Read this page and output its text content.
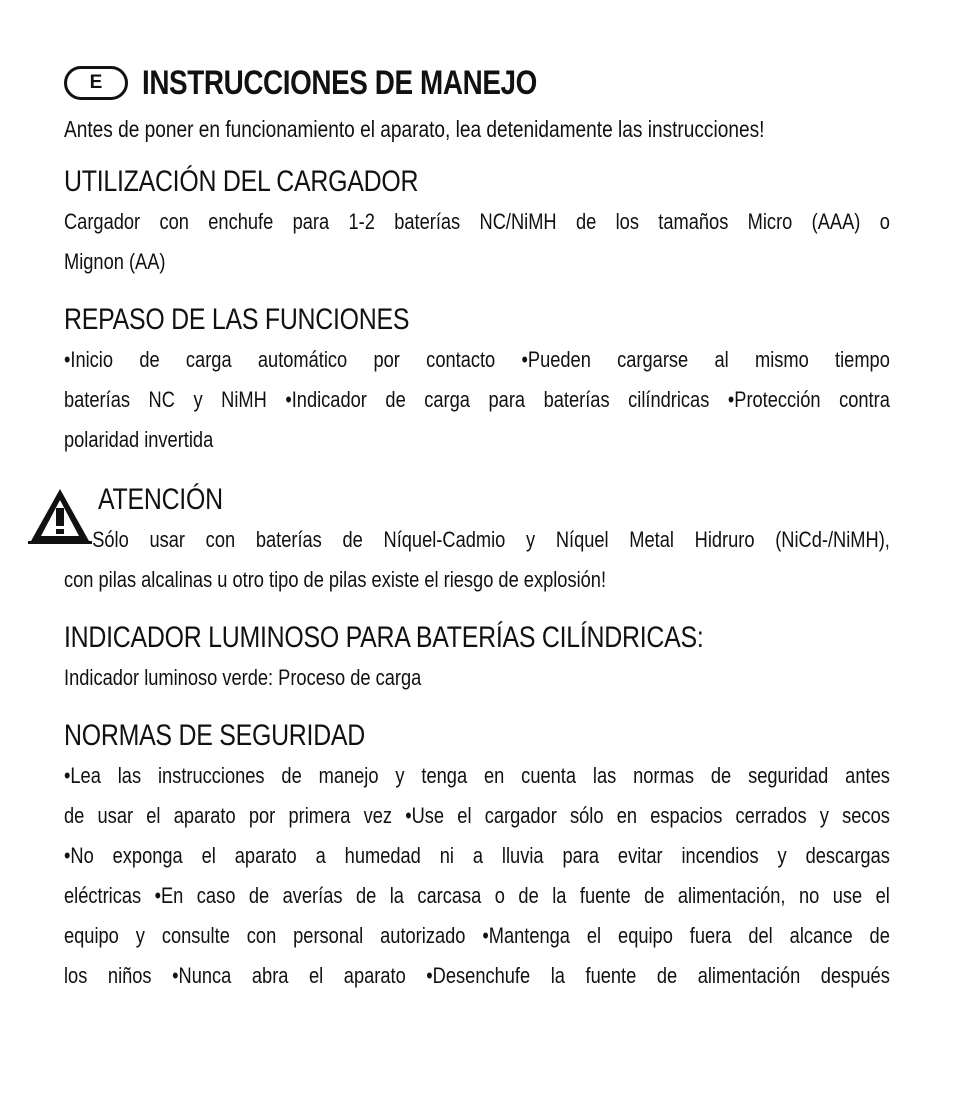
E	INSTRUCCIONES DE MANEJO
Antes de poner en funcionamiento el aparato, lea detenidamente las instrucciones!
UTILIZACIÓN DEL CARGADOR
Cargador con enchufe para 1-2 baterías NC/NiMH de los tamaños Micro (AAA) o
Mignon (AA)
REPASO DE LAS FUNCIONES
•Inicio de carga automático por contacto •Pueden cargarse al mismo tiempo
baterías NC y NiMH •Indicador de carga para baterías cilíndricas •Protección contra
polaridad invertida
ATENCIÓN
Sólo usar con baterías de Níquel-Cadmio y Níquel Metal Hidruro (NiCd-/NiMH),
con pilas alcalinas u otro tipo de pilas existe el riesgo de explosión!
INDICADOR LUMINOSO PARA BATERÍAS CILÍNDRICAS:
Indicador luminoso verde: Proceso de carga
NORMAS DE SEGURIDAD
•Lea las instrucciones de manejo y tenga en cuenta las normas de seguridad antes
de usar el aparato por primera vez •Use el cargador sólo en espacios cerrados y secos
•No exponga el aparato a humedad ni a lluvia para evitar incendios y descargas
eléctricas •En caso de averías de la carcasa o de la fuente de alimentación, no use el
equipo y consulte con personal autorizado •Mantenga el equipo fuera del alcance de
los niños •Nunca abra el aparato •Desenchufe la fuente de alimentación después
